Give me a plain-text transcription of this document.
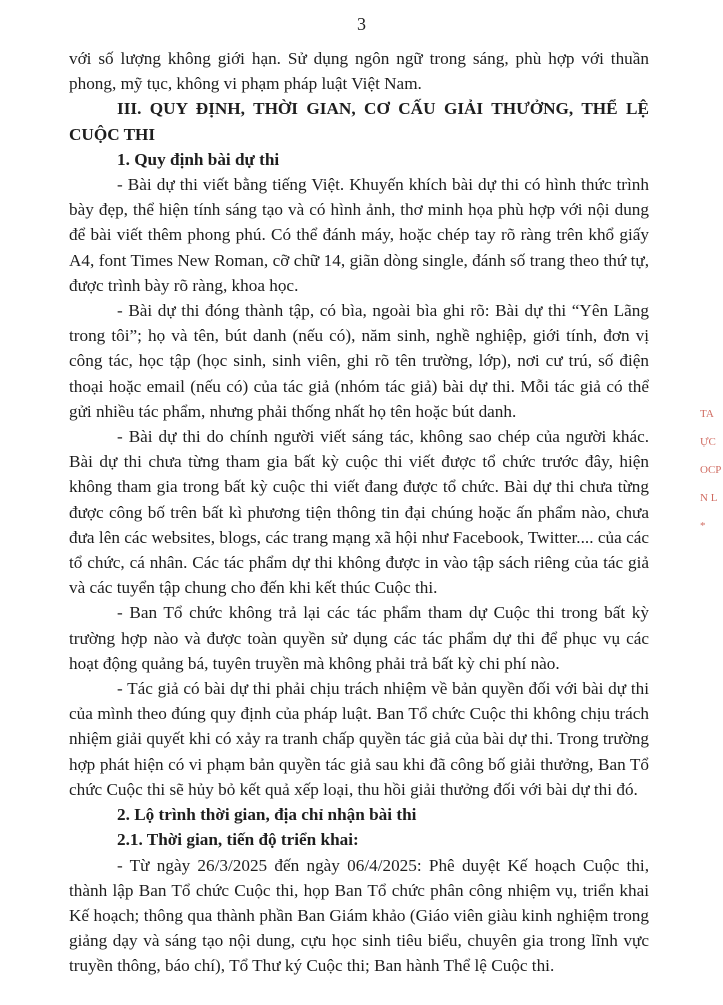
3

với số lượng không giới hạn. Sử dụng ngôn ngữ trong sáng, phù hợp với thuần phong, mỹ tục, không vi phạm pháp luật Việt Nam.

III. QUY ĐỊNH, THỜI GIAN, CƠ CẤU GIẢI THƯỞNG, THỂ LỆ CUỘC THI

1. Quy định bài dự thi

- Bài dự thi viết bằng tiếng Việt. Khuyến khích bài dự thi có hình thức trình bày đẹp, thể hiện tính sáng tạo và có hình ảnh, thơ minh họa phù hợp với nội dung để bài viết thêm phong phú. Có thể đánh máy, hoặc chép tay rõ ràng trên khổ giấy A4, font Times New Roman, cỡ chữ 14, giãn dòng single, đánh số trang theo thứ tự, được trình bày rõ ràng, khoa học.

- Bài dự thi đóng thành tập, có bìa, ngoài bìa ghi rõ: Bài dự thi “Yên Lãng trong tôi”; họ và tên, bút danh (nếu có), năm sinh, nghề nghiệp, giới tính, đơn vị công tác, học tập (học sinh, sinh viên, ghi rõ tên trường, lớp), nơi cư trú, số điện thoại hoặc email (nếu có) của tác giả (nhóm tác giả) bài dự thi. Mỗi tác giả có thể gửi nhiều tác phẩm, nhưng phải thống nhất họ tên hoặc bút danh.

- Bài dự thi do chính người viết sáng tác, không sao chép của người khác. Bài dự thi chưa từng tham gia bất kỳ cuộc thi viết được tổ chức trước đây, hiện không tham gia trong bất kỳ cuộc thi viết đang được tổ chức. Bài dự thi chưa từng được công bố trên bất kì phương tiện thông tin đại chúng hoặc ấn phẩm nào, chưa đưa lên các websites, blogs, các trang mạng xã hội như Facebook, Twitter.... của các tổ chức, cá nhân. Các tác phẩm dự thi không được in vào tập sách riêng của tác giả và các tuyển tập chung cho đến khi kết thúc Cuộc thi.

- Ban Tổ chức không trả lại các tác phẩm tham dự Cuộc thi trong bất kỳ trường hợp nào và được toàn quyền sử dụng các tác phẩm dự thi để phục vụ các hoạt động quảng bá, tuyên truyền mà không phải trả bất kỳ chi phí nào.

- Tác giả có bài dự thi phải chịu trách nhiệm về bản quyền đối với bài dự thi của mình theo đúng quy định của pháp luật. Ban Tổ chức Cuộc thi không chịu trách nhiệm giải quyết khi có xảy ra tranh chấp quyền tác giả của bài dự thi. Trong trường hợp phát hiện có vi phạm bản quyền tác giả sau khi đã công bố giải thưởng, Ban Tổ chức Cuộc thi sẽ hủy bỏ kết quả xếp loại, thu hồi giải thưởng đối với bài dự thi đó.

2. Lộ trình thời gian, địa chỉ nhận bài thi

2.1. Thời gian, tiến độ triển khai:

- Từ ngày 26/3/2025 đến ngày 06/4/2025: Phê duyệt Kế hoạch Cuộc thi, thành lập Ban Tổ chức Cuộc thi, họp Ban Tổ chức phân công nhiệm vụ, triển khai Kế hoạch; thông qua thành phần Ban Giám khảo (Giáo viên giàu kinh nghiệm trong giảng dạy và sáng tạo nội dung, cựu học sinh tiêu biểu, chuyên gia trong lĩnh vực truyền thông, báo chí), Tổ Thư ký Cuộc thi; Ban hành Thể lệ Cuộc thi.

TA
ỰC
OCP
N L
*
